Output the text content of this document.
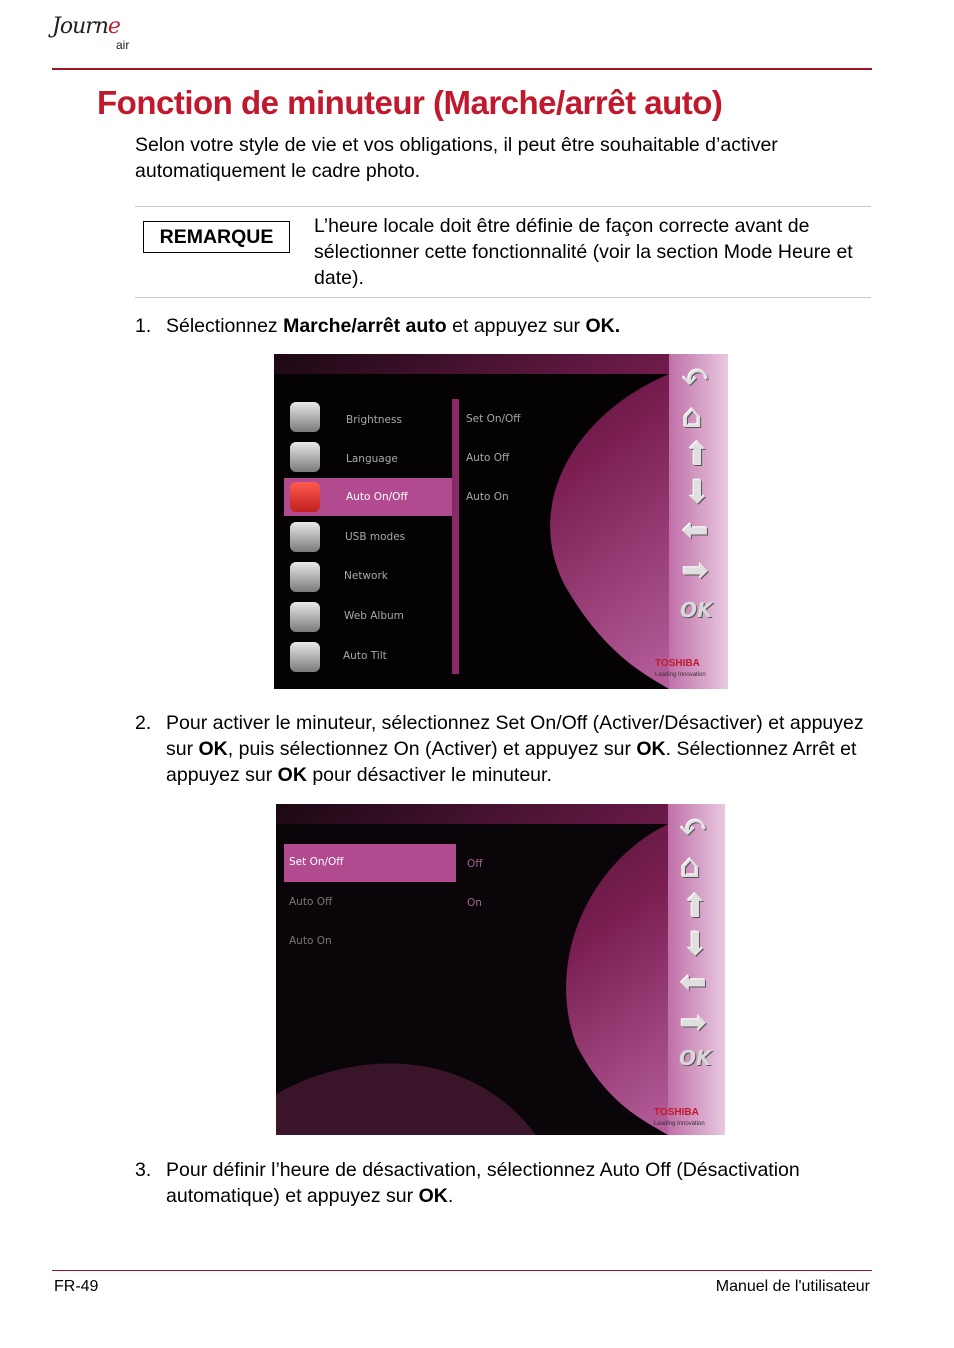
Journe
air
Fonction de minuteur (Marche/arrêt auto)
Selon votre style de vie et vos obligations, il peut être souhaitable d’activer automatiquement le cadre photo.
REMARQUE	L’heure locale doit être définie de façon correcte avant de sélectionner cette fonctionnalité (voir la section Mode Heure et date).
1. Sélectionnez Marche/arrêt auto et appuyez sur OK.
Brightness
Language
Auto On/Off
USB modes
Network
Web Album
Auto Tilt
Set On/Off
Auto Off
Auto On
↶
⌂
⬆
⬇
⬅
➡
OK
TOSHIBA
Leading Innovation
2. Pour activer le minuteur, sélectionnez Set On/Off (Activer/Désactiver) et appuyez sur OK, puis sélectionnez On (Activer) et appuyez sur OK. Sélectionnez Arrêt et appuyez sur OK pour désactiver le minuteur.
Set On/Off
Auto Off
Auto On
Off
On
↶
⌂
⬆
⬇
⬅
➡
OK
TOSHIBA
Leading Innovation
3. Pour définir l’heure de désactivation, sélectionnez Auto Off (Désactivation automatique) et appuyez sur OK.
FR-49	Manuel de l'utilisateur
